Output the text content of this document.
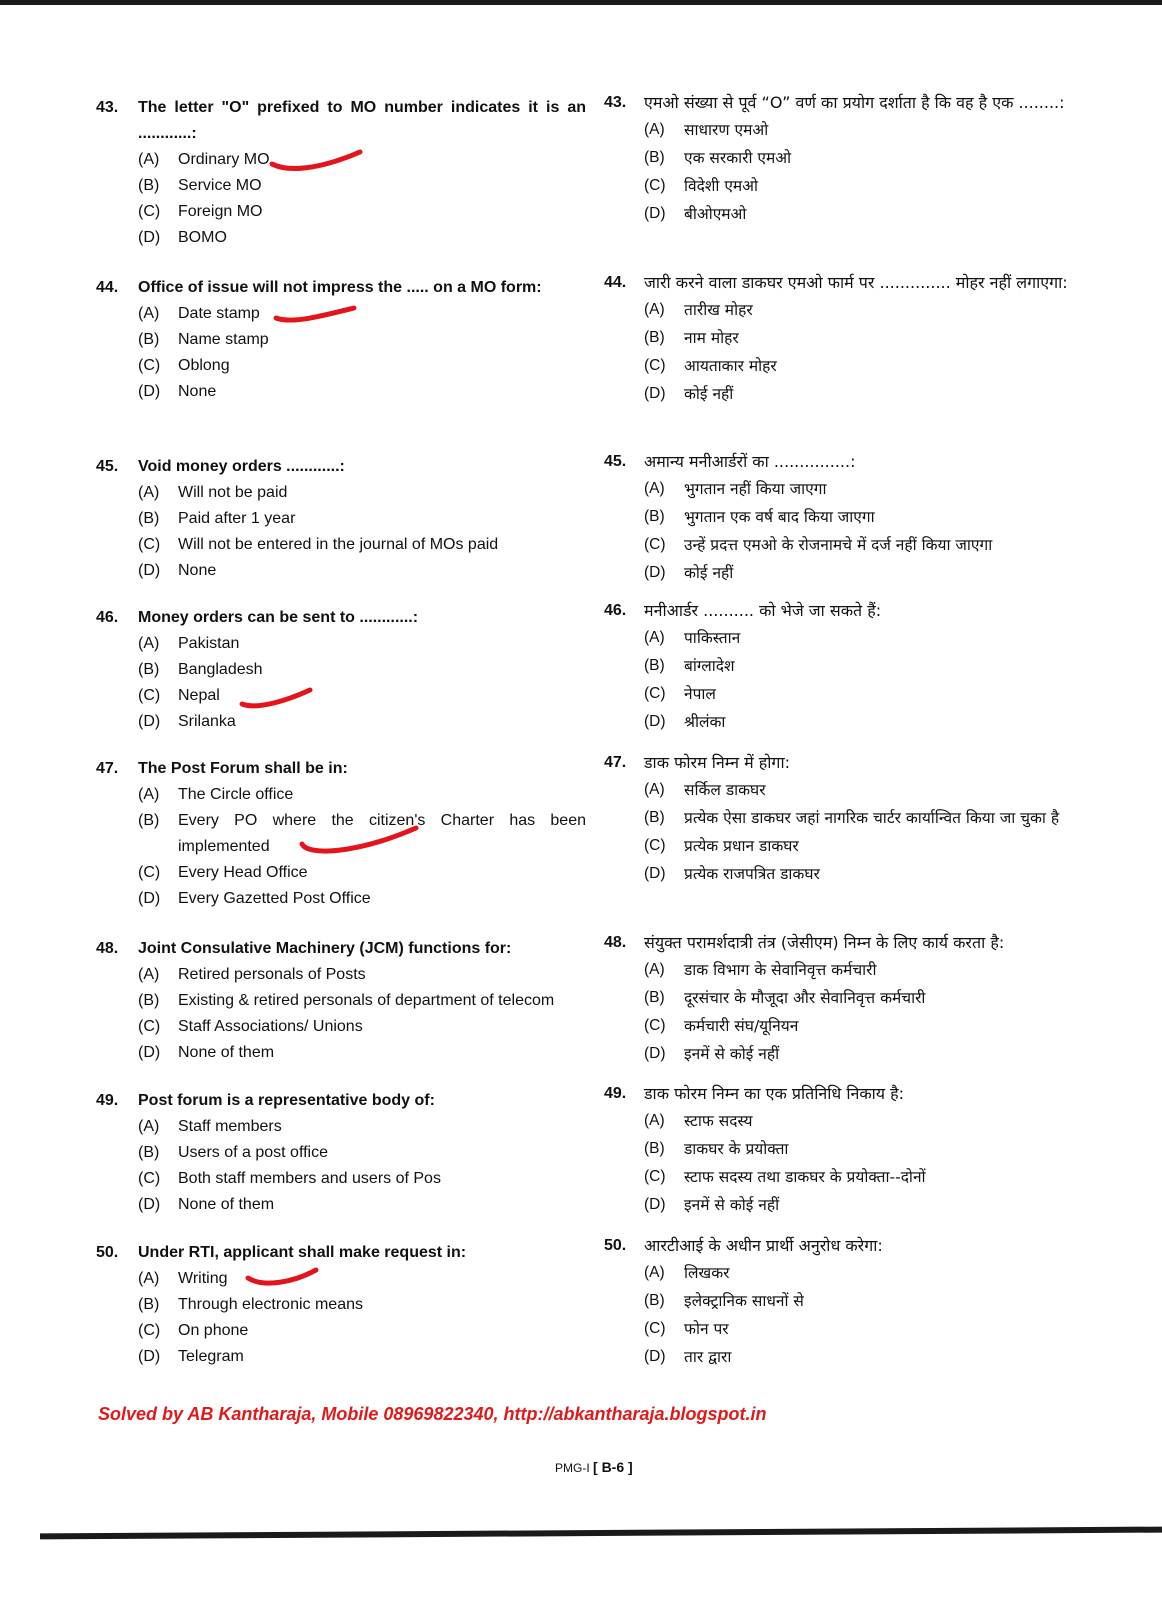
43.	The letter "O" prefixed to MO number indicates it is an ............:
(A)	Ordinary MO
(B)	Service MO
(C)	Foreign MO
(D)	BOMO
44.	Office of issue will not impress the ..... on a MO form:
(A)	Date stamp
(B)	Name stamp
(C)	Oblong
(D)	None
45.	Void money orders ............:
(A)	Will not be paid
(B)	Paid after 1 year
(C)	Will not be entered in the journal of MOs paid
(D)	None
46.	Money orders can be sent to ............:
(A)	Pakistan
(B)	Bangladesh
(C)	Nepal
(D)	Srilanka
47.	The Post Forum shall be in:
(A)	The Circle office
(B)	Every PO where the citizen's Charter has been implemented
(C)	Every Head Office
(D)	Every Gazetted Post Office
48.	Joint Consulative Machinery (JCM) functions for:
(A)	Retired personals of Posts
(B)	Existing & retired personals of department of telecom
(C)	Staff Associations/ Unions
(D)	None of them
49.	Post forum is a representative body of:
(A)	Staff members
(B)	Users of a post office
(C)	Both staff members and users of Pos
(D)	None of them
50.	Under RTI, applicant shall make request in:
(A)	Writing
(B)	Through electronic means
(C)	On phone
(D)	Telegram
43.	एमओ संख्या से पूर्व “O” वर्ण का प्रयोग दर्शाता है कि वह है एक ........:
(A)	साधारण एमओ
(B)	एक सरकारी एमओ
(C)	विदेशी एमओ
(D)	बीओएमओ
44.	जारी करने वाला डाकघर एमओ फार्म पर .............. मोहर नहीं लगाएगा:
(A)	तारीख मोहर
(B)	नाम मोहर
(C)	आयताकार मोहर
(D)	कोई नहीं
45.	अमान्य मनीआर्डरों का ...............:
(A)	भुगतान नहीं किया जाएगा
(B)	भुगतान एक वर्ष बाद किया जाएगा
(C)	उन्हें प्रदत्त एमओ के रोजनामचे में दर्ज नहीं किया जाएगा
(D)	कोई नहीं
46.	मनीआर्डर .......... को भेजे जा सकते हैं:
(A)	पाकिस्तान
(B)	बांग्लादेश
(C)	नेपाल
(D)	श्रीलंका
47.	डाक फोरम निम्न में होगा:
(A)	सर्किल डाकघर
(B)	प्रत्येक ऐसा डाकघर जहां नागरिक चार्टर कार्यान्वित किया जा चुका है
(C)	प्रत्येक प्रधान डाकघर
(D)	प्रत्येक राजपत्रित डाकघर
48.	संयुक्त परामर्शदात्री तंत्र (जेसीएम) निम्न के लिए कार्य करता है:
(A)	डाक विभाग के सेवानिवृत्त कर्मचारी
(B)	दूरसंचार के मौजूदा और सेवानिवृत्त कर्मचारी
(C)	कर्मचारी संघ/यूनियन
(D)	इनमें से कोई नहीं
49.	डाक फोरम निम्न का एक प्रतिनिधि निकाय है:
(A)	स्टाफ सदस्य
(B)	डाकघर के प्रयोक्ता
(C)	स्टाफ सदस्य तथा डाकघर के प्रयोक्ता--दोनों
(D)	इनमें से कोई नहीं
50.	आरटीआई के अधीन प्रार्थी अनुरोध करेगा:
(A)	लिखकर
(B)	इलेक्ट्रानिक साधनों से
(C)	फोन पर
(D)	तार द्वारा
Solved by AB Kantharaja, Mobile 08969822340, http://abkantharaja.blogspot.in
PMG-I [ B-6 ]
